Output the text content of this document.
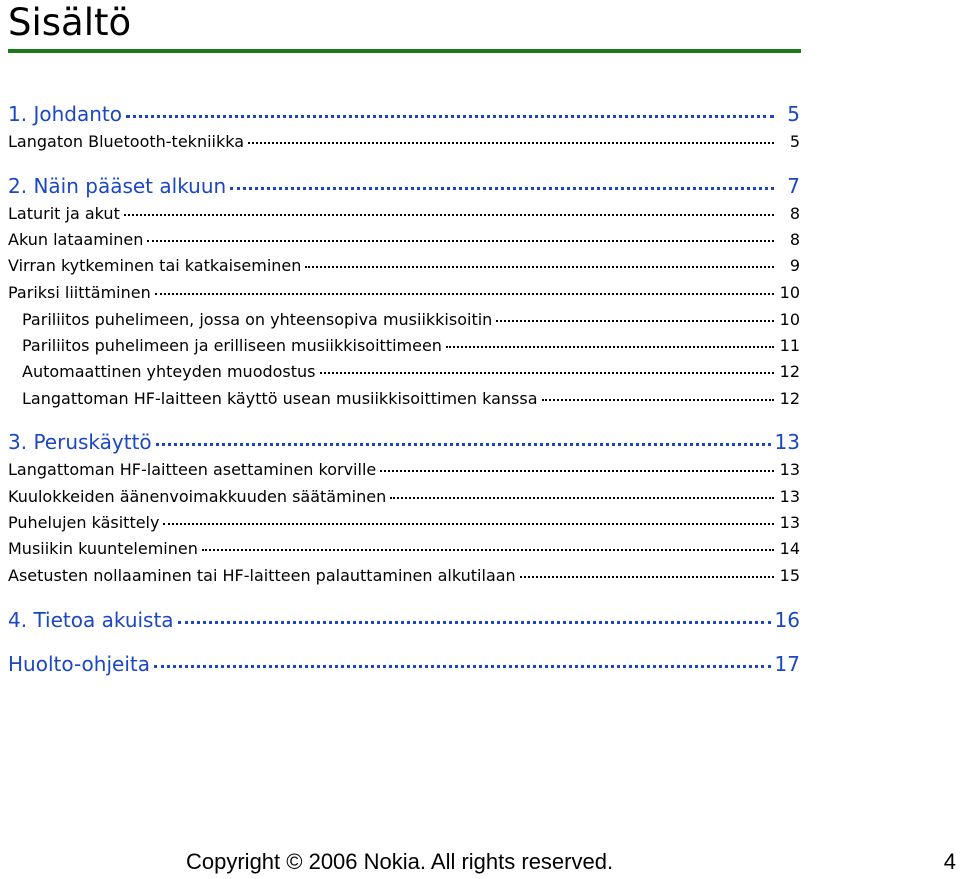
Sisältö
1. Johdanto	5
Langaton Bluetooth-tekniikka	5
2. Näin pääset alkuun	7
Laturit ja akut	8
Akun lataaminen	8
Virran kytkeminen tai katkaiseminen	9
Pariksi liittäminen	10
Pariliitos puhelimeen, jossa on yhteensopiva musiikkisoitin	10
Pariliitos puhelimeen ja erilliseen musiikkisoittimeen	11
Automaattinen yhteyden muodostus	12
Langattoman HF-laitteen käyttö usean musiikkisoittimen kanssa	12
3. Peruskäyttö	13
Langattoman HF-laitteen asettaminen korville	13
Kuulokkeiden äänenvoimakkuuden säätäminen	13
Puhelujen käsittely	13
Musiikin kuunteleminen	14
Asetusten nollaaminen tai HF-laitteen palauttaminen alkutilaan	15
4. Tietoa akuista	16
Huolto-ohjeita	17
Copyright © 2006 Nokia. All rights reserved.	4
